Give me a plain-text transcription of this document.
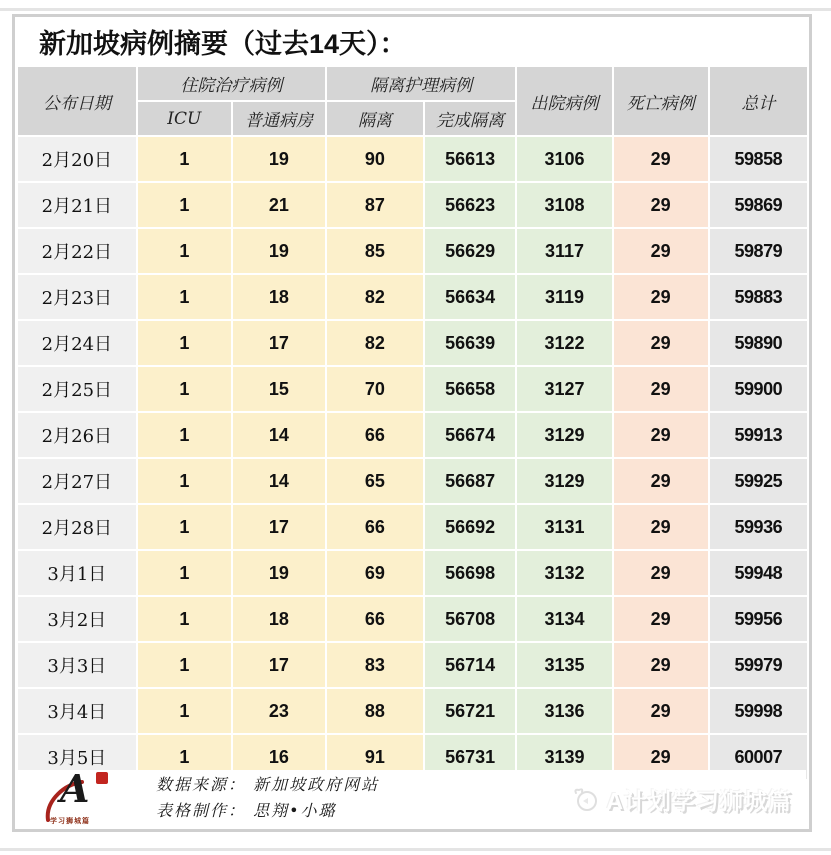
新加坡病例摘要（过去14天）：
公布日期	住院治疗病例		隔离护理病例		出院病例	死亡病例	总计
	ICU	普通病房	隔离	完成隔离			
2月20日	1	19	90	56613	3106	29	59858
2月21日	1	21	87	56623	3108	29	59869
2月22日	1	19	85	56629	3117	29	59879
2月23日	1	18	82	56634	3119	29	59883
2月24日	1	17	82	56639	3122	29	59890
2月25日	1	15	70	56658	3127	29	59900
2月26日	1	14	66	56674	3129	29	59913
2月27日	1	14	65	56687	3129	29	59925
2月28日	1	17	66	56692	3131	29	59936
3月1日	1	19	69	56698	3132	29	59948
3月2日	1	18	66	56708	3134	29	59956
3月3日	1	17	83	56714	3135	29	59979
3月4日	1	23	88	56721	3136	29	59998
3月5日	1	16	91	56731	3139	29	60007
A
学习狮城篇
数据来源： 新加坡政府网站
表格制作： 思翔•小璐	A计划学习狮城篇
